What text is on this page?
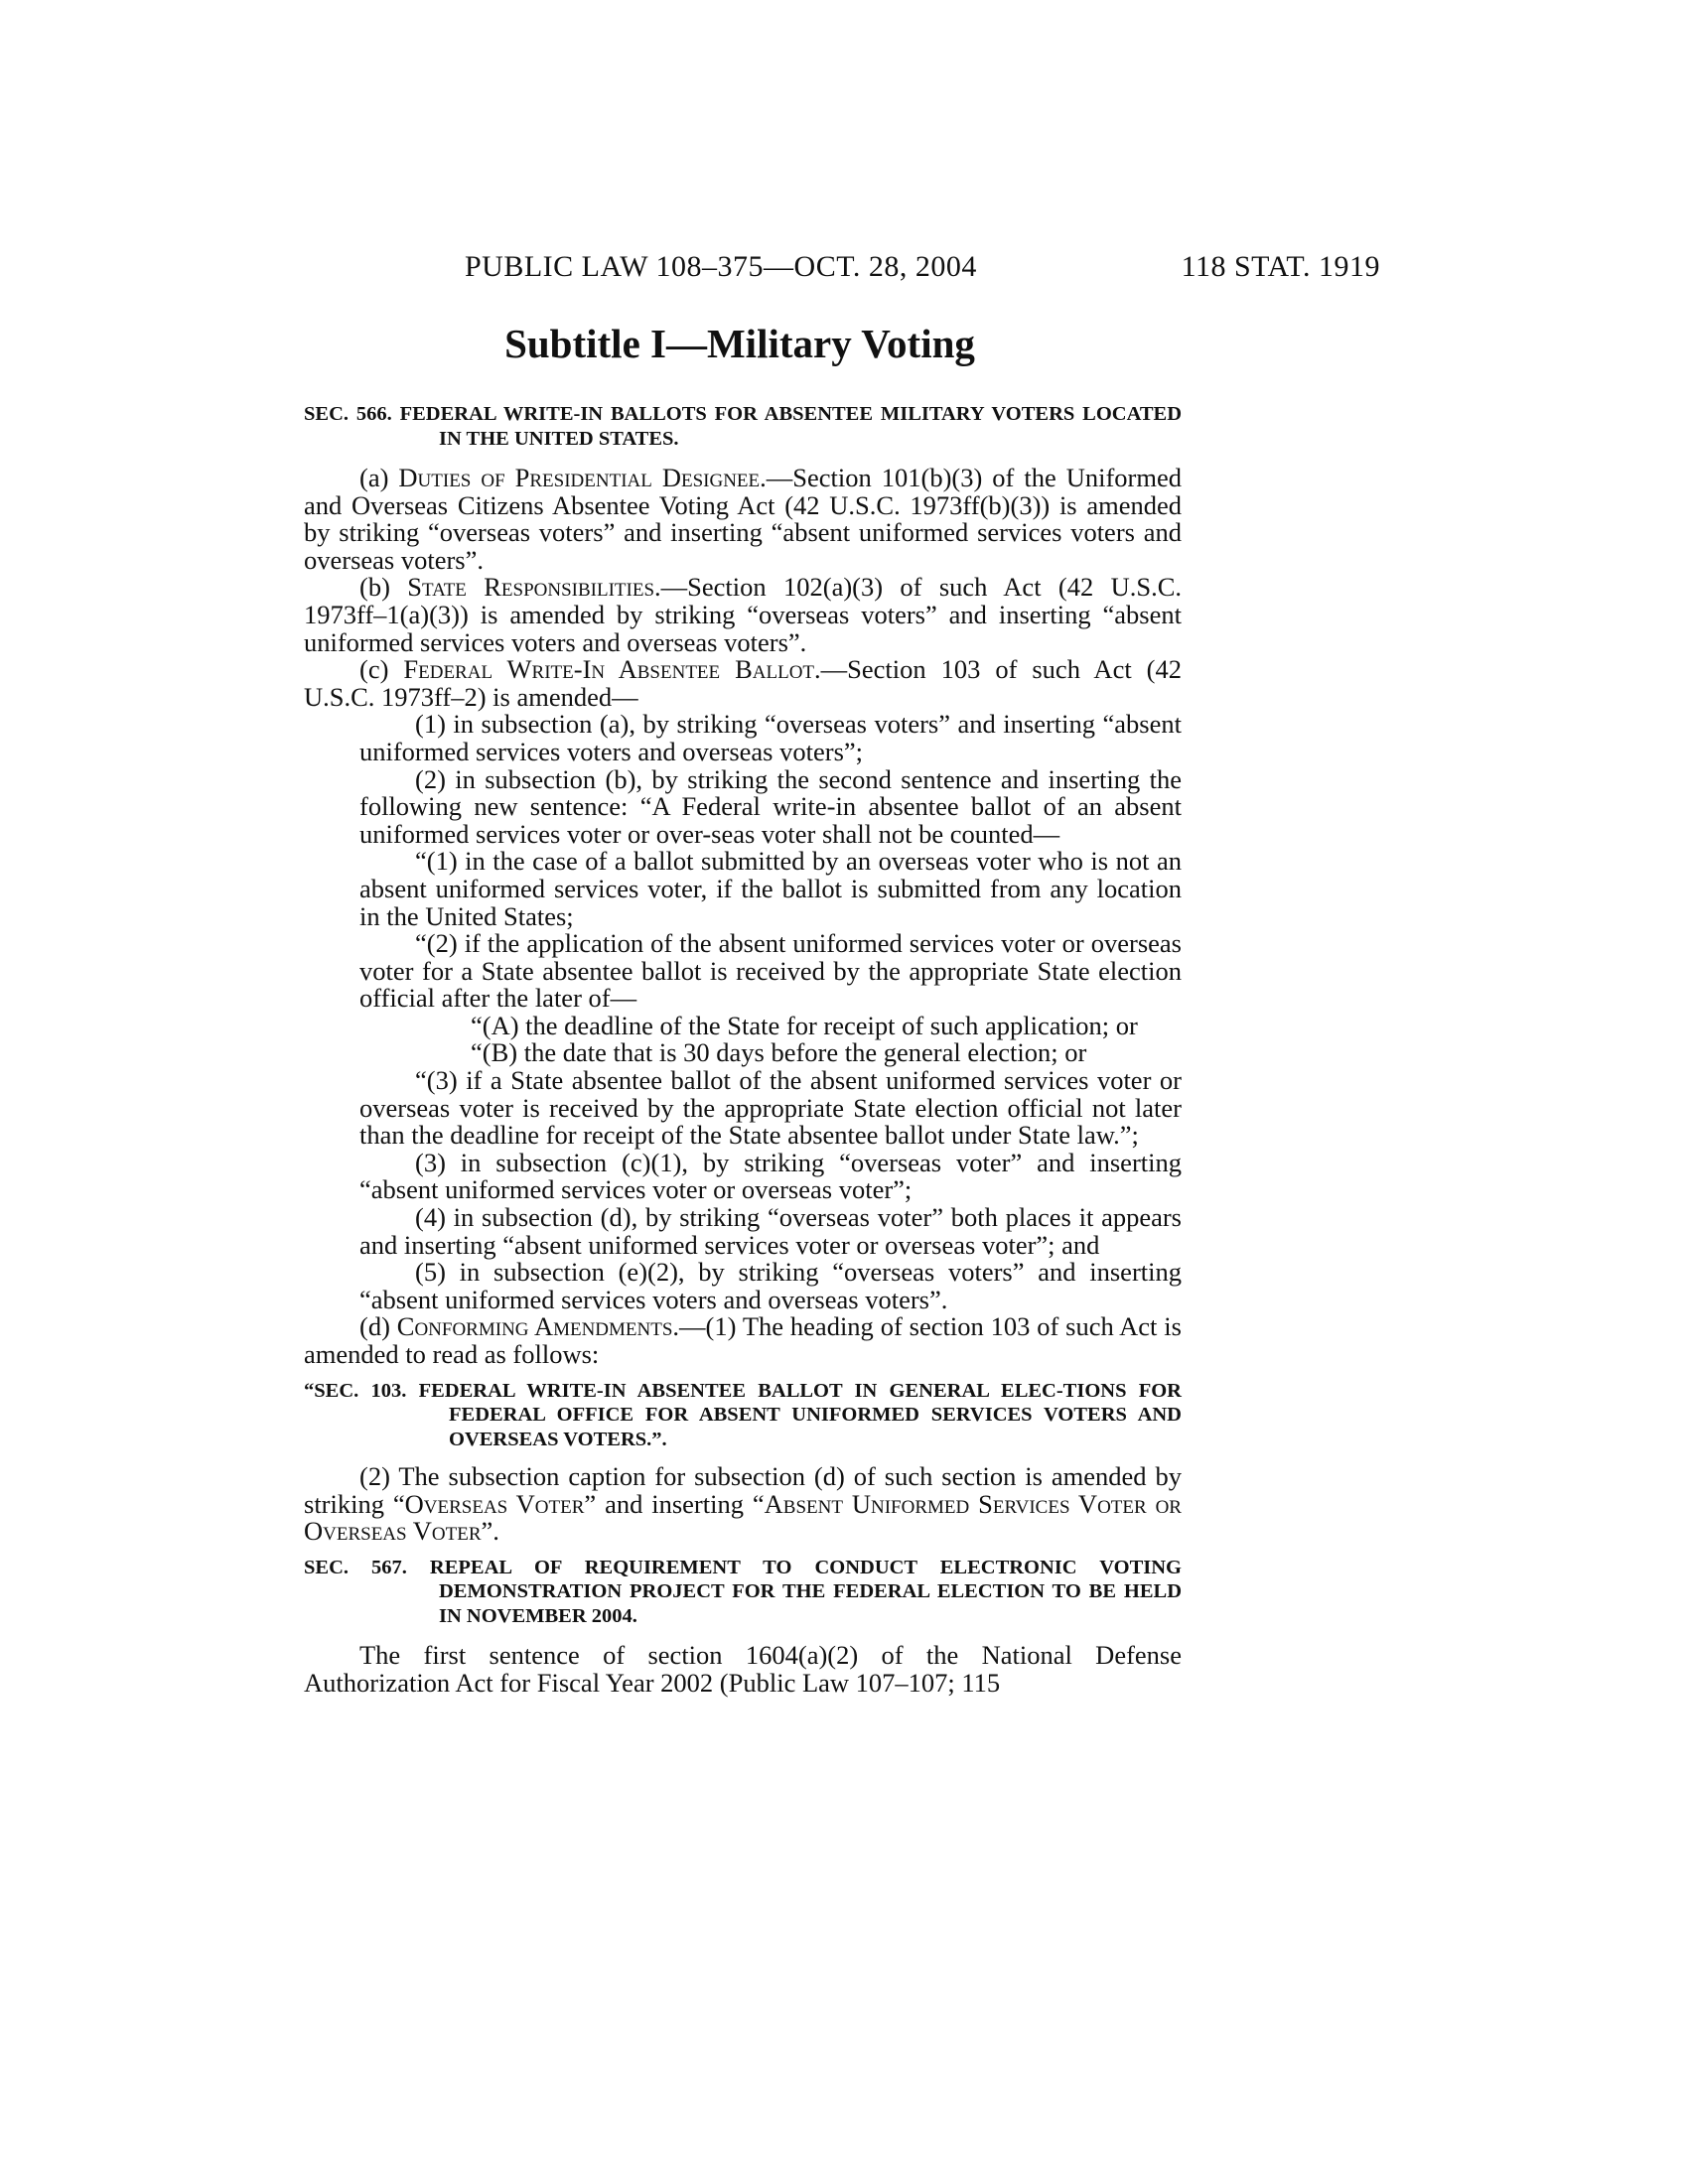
PUBLIC LAW 108–375—OCT. 28, 2004	118 STAT. 1919
Subtitle I—Military Voting

SEC. 566. FEDERAL WRITE-IN BALLOTS FOR ABSENTEE MILITARY VOTERS LOCATED IN THE UNITED STATES.

(a) Duties of Presidential Designee.—Section 101(b)(3) of the Uniformed and Overseas Citizens Absentee Voting Act (42 U.S.C. 1973ff(b)(3)) is amended by striking “overseas voters” and inserting “absent uniformed services voters and overseas voters”.

(b) State Responsibilities.—Section 102(a)(3) of such Act (42 U.S.C. 1973ff–1(a)(3)) is amended by striking “overseas voters” and inserting “absent uniformed services voters and overseas voters”.

(c) Federal Write-In Absentee Ballot.—Section 103 of such Act (42 U.S.C. 1973ff–2) is amended—

(1) in subsection (a), by striking “overseas voters” and inserting “absent uniformed services voters and overseas voters”;

(2) in subsection (b), by striking the second sentence and inserting the following new sentence: “A Federal write-in absentee ballot of an absent uniformed services voter or over-seas voter shall not be counted—

“(1) in the case of a ballot submitted by an overseas voter who is not an absent uniformed services voter, if the ballot is submitted from any location in the United States;

“(2) if the application of the absent uniformed services voter or overseas voter for a State absentee ballot is received by the appropriate State election official after the later of—

“(A) the deadline of the State for receipt of such application; or

“(B) the date that is 30 days before the general election; or

“(3) if a State absentee ballot of the absent uniformed services voter or overseas voter is received by the appropriate State election official not later than the deadline for receipt of the State absentee ballot under State law.”;

(3) in subsection (c)(1), by striking “overseas voter” and inserting “absent uniformed services voter or overseas voter”;

(4) in subsection (d), by striking “overseas voter” both places it appears and inserting “absent uniformed services voter or overseas voter”; and

(5) in subsection (e)(2), by striking “overseas voters” and inserting “absent uniformed services voters and overseas voters”.

(d) Conforming Amendments.—(1) The heading of section 103 of such Act is amended to read as follows:

“SEC. 103. FEDERAL WRITE-IN ABSENTEE BALLOT IN GENERAL ELEC-TIONS FOR FEDERAL OFFICE FOR ABSENT UNIFORMED SERVICES VOTERS AND OVERSEAS VOTERS.”.

(2) The subsection caption for subsection (d) of such section is amended by striking “Overseas Voter” and inserting “Absent Uniformed Services Voter or Overseas Voter”.

SEC. 567. REPEAL OF REQUIREMENT TO CONDUCT ELECTRONIC VOTING DEMONSTRATION PROJECT FOR THE FEDERAL ELECTION TO BE HELD IN NOVEMBER 2004.

The first sentence of section 1604(a)(2) of the National Defense Authorization Act for Fiscal Year 2002 (Public Law 107–107; 115
